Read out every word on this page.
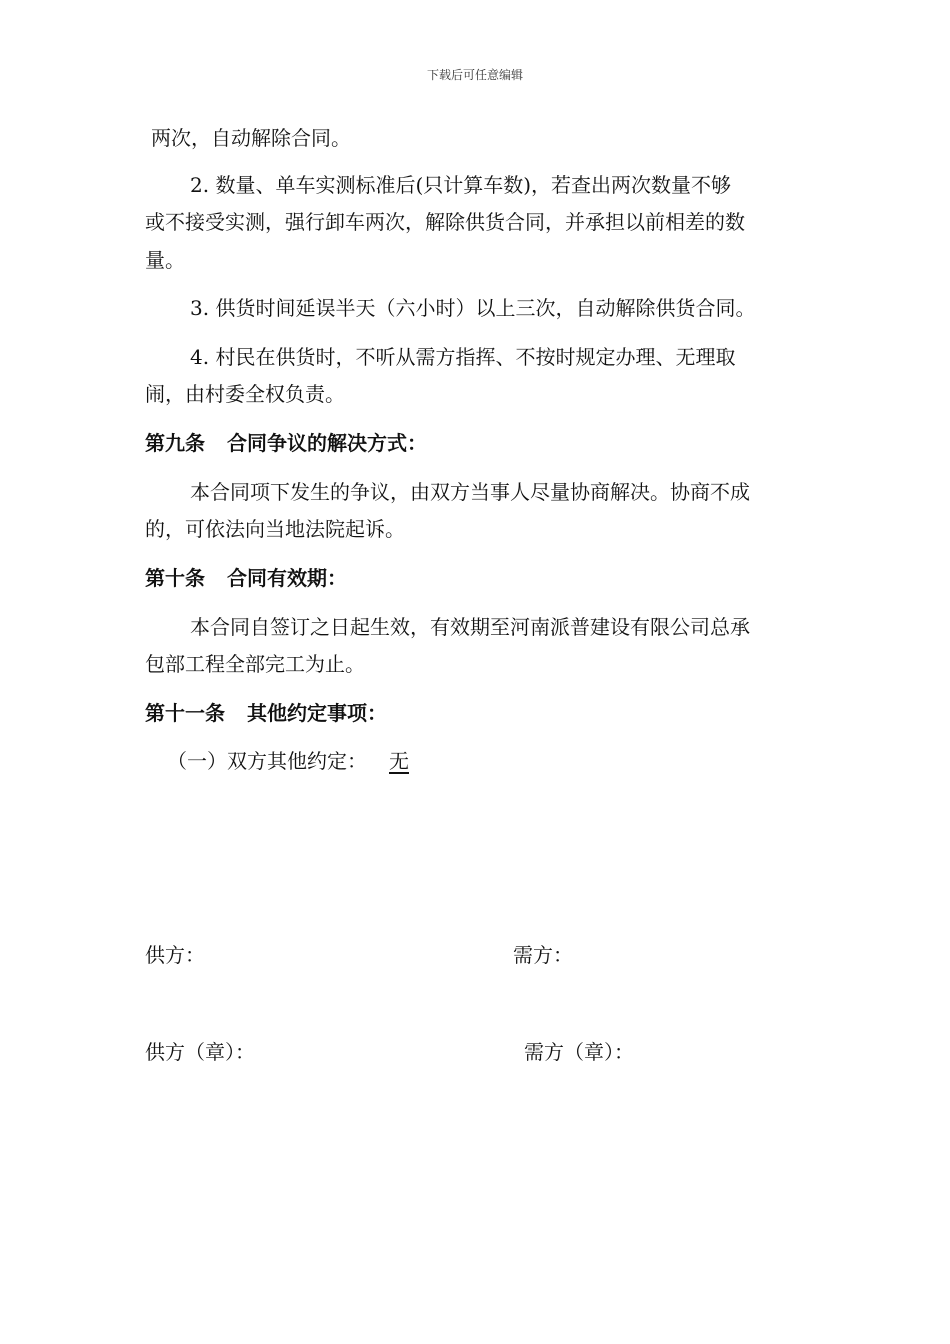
下载后可任意编辑
两次，自动解除合同。
2. 数量、单车实测标准后(只计算车数)，若查出两次数量不够
或不接受实测，强行卸车两次，解除供货合同，并承担以前相差的数
量。
3. 供货时间延误半天（六小时）以上三次，自动解除供货合同。
4. 村民在供货时，不听从需方指挥、不按时规定办理、无理取
闹，由村委全权负责。
第九条 合同争议的解决方式：
本合同项下发生的争议，由双方当事人尽量协商解决。协商不成
的，可依法向当地法院起诉。
第十条 合同有效期：
本合同自签订之日起生效，有效期至河南派普建设有限公司总承
包部工程全部完工为止。
第十一条 其他约定事项：
（一）双方其他约定： 无
供方：	需方：
供方（章）：	需方（章）：
